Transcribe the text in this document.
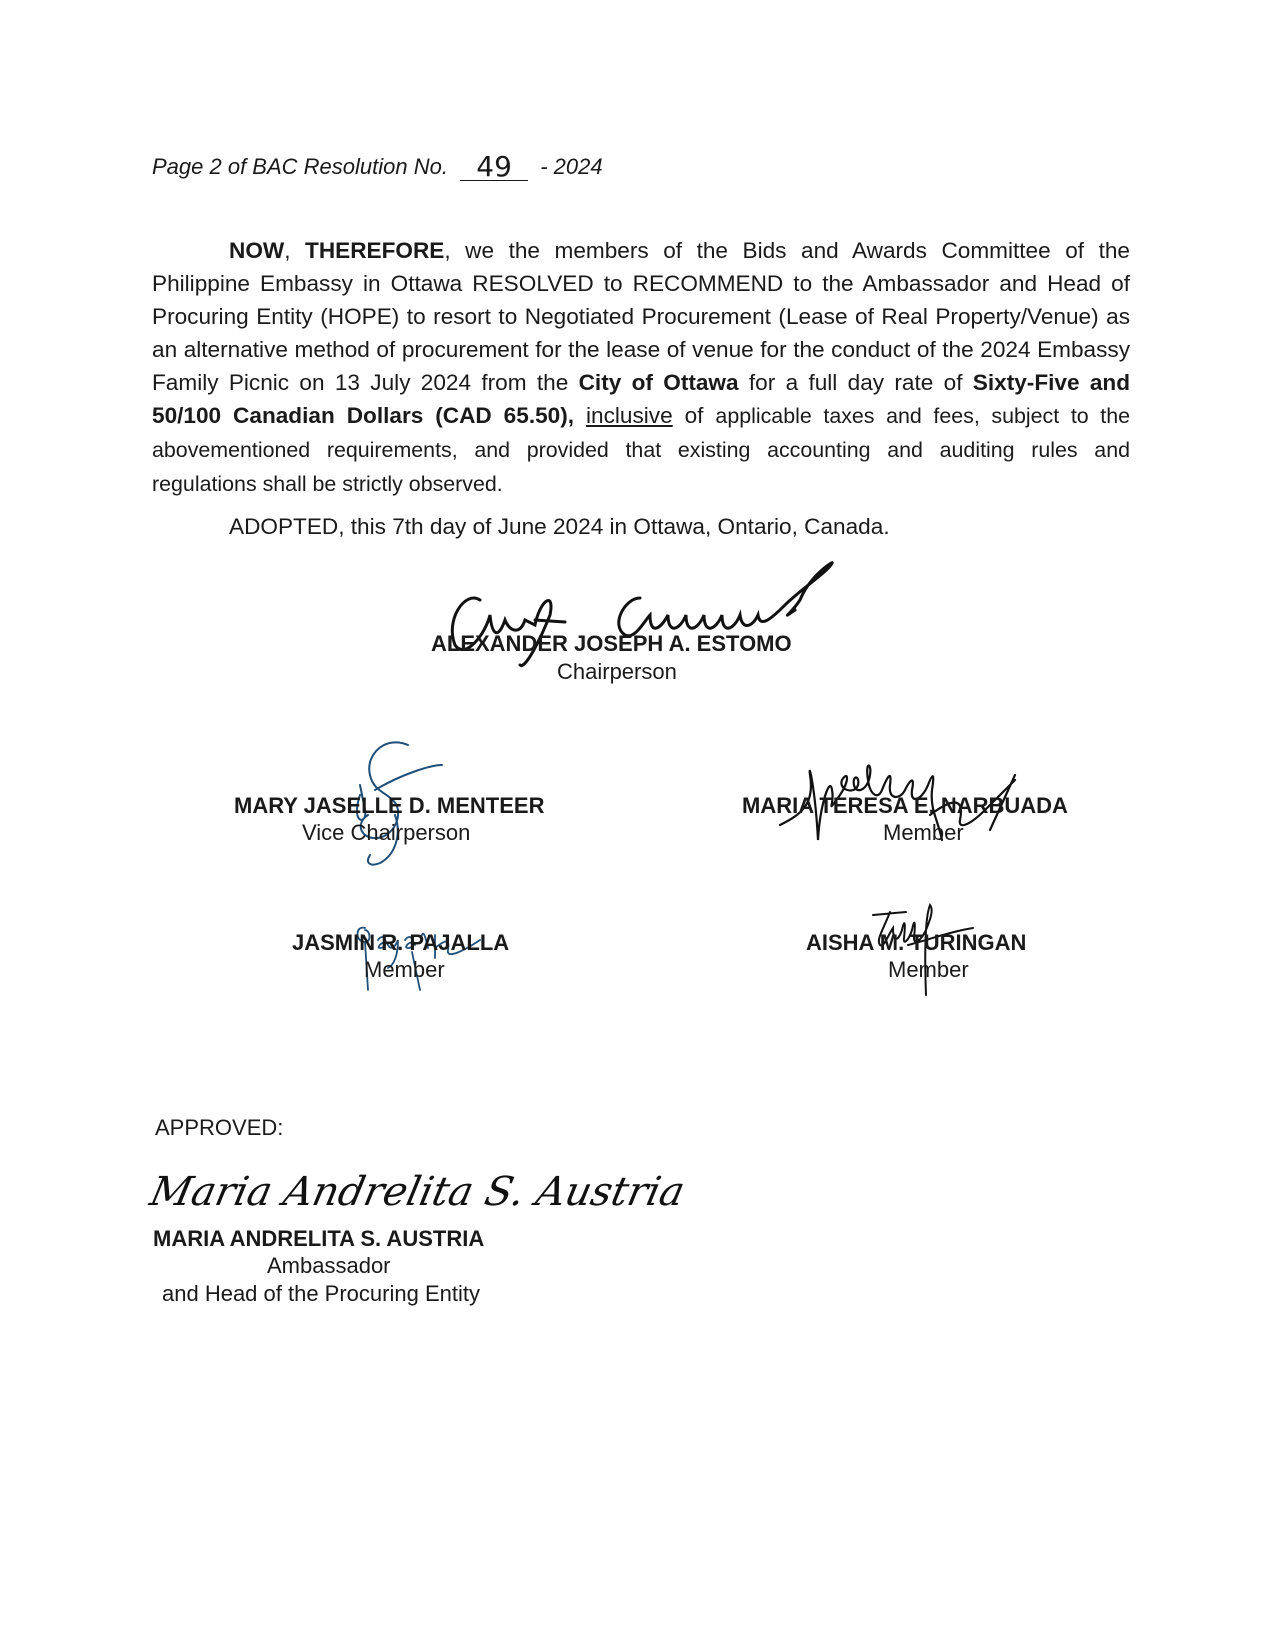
Page 2 of BAC Resolution No. 49 - 2024

NOW, THEREFORE, we the members of the Bids and Awards Committee of the Philippine Embassy in Ottawa RESOLVED to RECOMMEND to the Ambassador and Head of Procuring Entity (HOPE) to resort to Negotiated Procurement (Lease of Real Property/Venue) as an alternative method of procurement for the lease of venue for the conduct of the 2024 Embassy Family Picnic on 13 July 2024 from the City of Ottawa for a full day rate of Sixty-Five and 50/100 Canadian Dollars (CAD 65.50), inclusive of applicable taxes and fees, subject to the abovementioned requirements, and provided that existing accounting and auditing rules and regulations shall be strictly observed.

ADOPTED, this 7th day of June 2024 in Ottawa, Ontario, Canada.
ALEXANDER JOSEPH A. ESTOMO
Chairperson
MARY JASELLE D. MENTEER
Vice Chairperson
MARIA TERESA E. NARBUADA
Member
JASMIN R. PAJALLA
Member
AISHA M. TURINGAN
Member
APPROVED:
Maria Andrelita S. Austria
MARIA ANDRELITA S. AUSTRIA
Ambassador
and Head of the Procuring Entity
